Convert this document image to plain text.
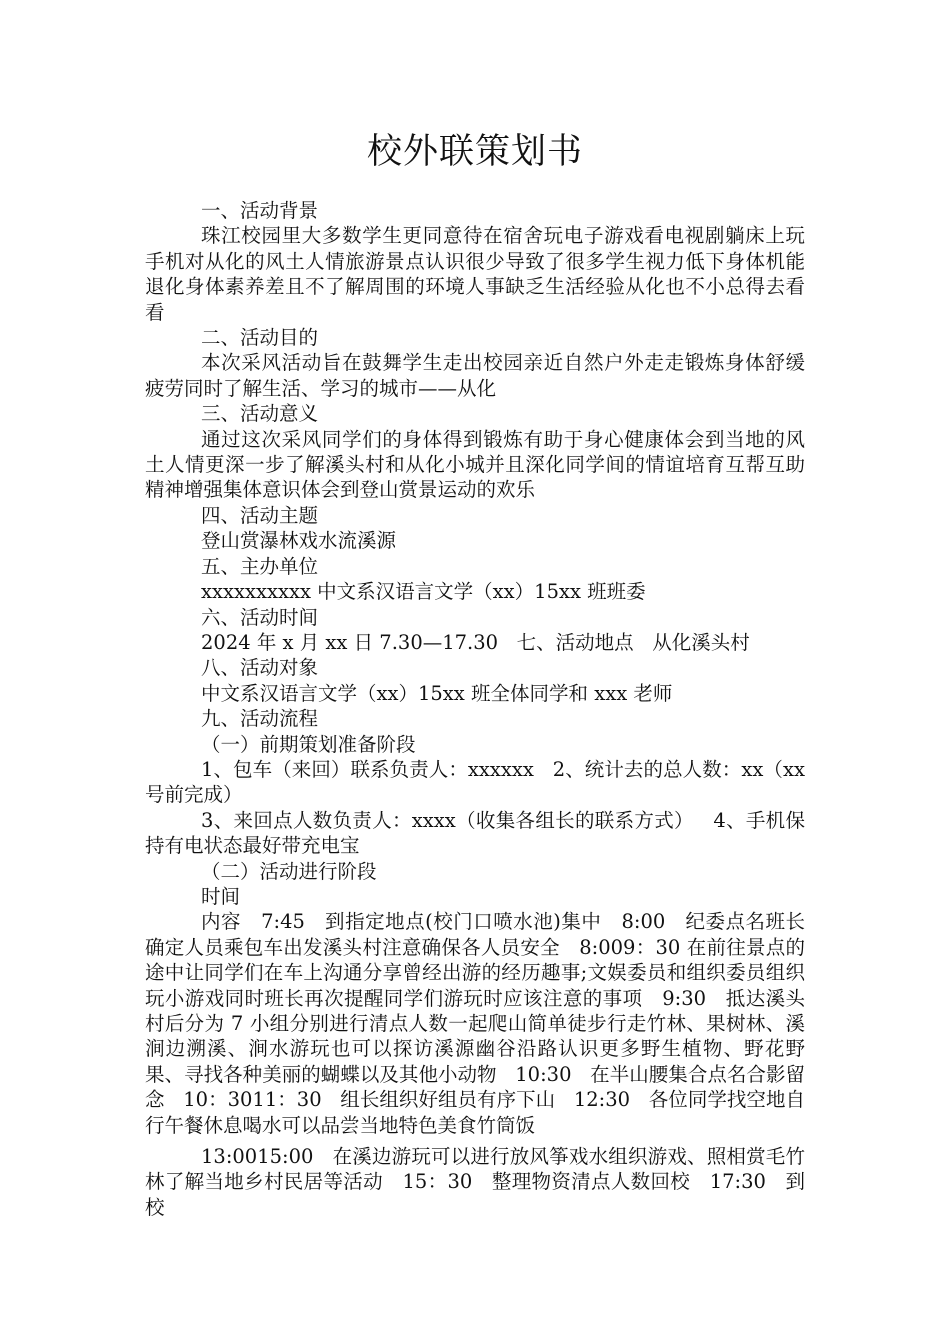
校外联策划书

一、活动背景

珠江校园里大多数学生更同意待在宿舍玩电子游戏看电视剧躺床上玩手机对从化的风土人情旅游景点认识很少导致了很多学生视力低下身体机能退化身体素养差且不了解周围的环境人事缺乏生活经验从化也不小总得去看看

二、活动目的

本次采风活动旨在鼓舞学生走出校园亲近自然户外走走锻炼身体舒缓疲劳同时了解生活、学习的城市——从化

三、活动意义

通过这次采风同学们的身体得到锻炼有助于身心健康体会到当地的风土人情更深一步了解溪头村和从化小城并且深化同学间的情谊培育互帮互助精神增强集体意识体会到登山赏景运动的欢乐

四、活动主题

登山赏瀑林戏水流溪源

五、主办单位

xxxxxxxxxx 中文系汉语言文学（xx）15xx 班班委

六、活动时间

2024 年 x 月 xx 日 7.30—17.30   七、活动地点   从化溪头村

八、活动对象

中文系汉语言文学（xx）15xx 班全体同学和 xxx 老师

九、活动流程

（一）前期策划准备阶段

1、包车（来回）联系负责人：xxxxxx   2、统计去的总人数：xx（xx 号前完成）

3、来回点人数负责人：xxxx（收集各组长的联系方式）   4、手机保持有电状态最好带充电宝

（二）活动进行阶段

时间

内容   7:45   到指定地点(校门口喷水池)集中   8:00   纪委点名班长确定人员乘包车出发溪头村注意确保各人员安全   8:009：30 在前往景点的途中让同学们在车上沟通分享曾经出游的经历趣事;文娱委员和组织委员组织玩小游戏同时班长再次提醒同学们游玩时应该注意的事项   9:30   抵达溪头村后分为 7 小组分别进行清点人数一起爬山简单徒步行走竹林、果树林、溪涧边溯溪、涧水游玩也可以探访溪源幽谷沿路认识更多野生植物、野花野果、寻找各种美丽的蝴蝶以及其他小动物   10:30   在半山腰集合点名合影留念   10：3011：30   组长组织好组员有序下山   12:30   各位同学找空地自行午餐休息喝水可以品尝当地特色美食竹筒饭

13:0015:00   在溪边游玩可以进行放风筝戏水组织游戏、照相赏毛竹林了解当地乡村民居等活动   15：30   整理物资清点人数回校   17:30   到校
